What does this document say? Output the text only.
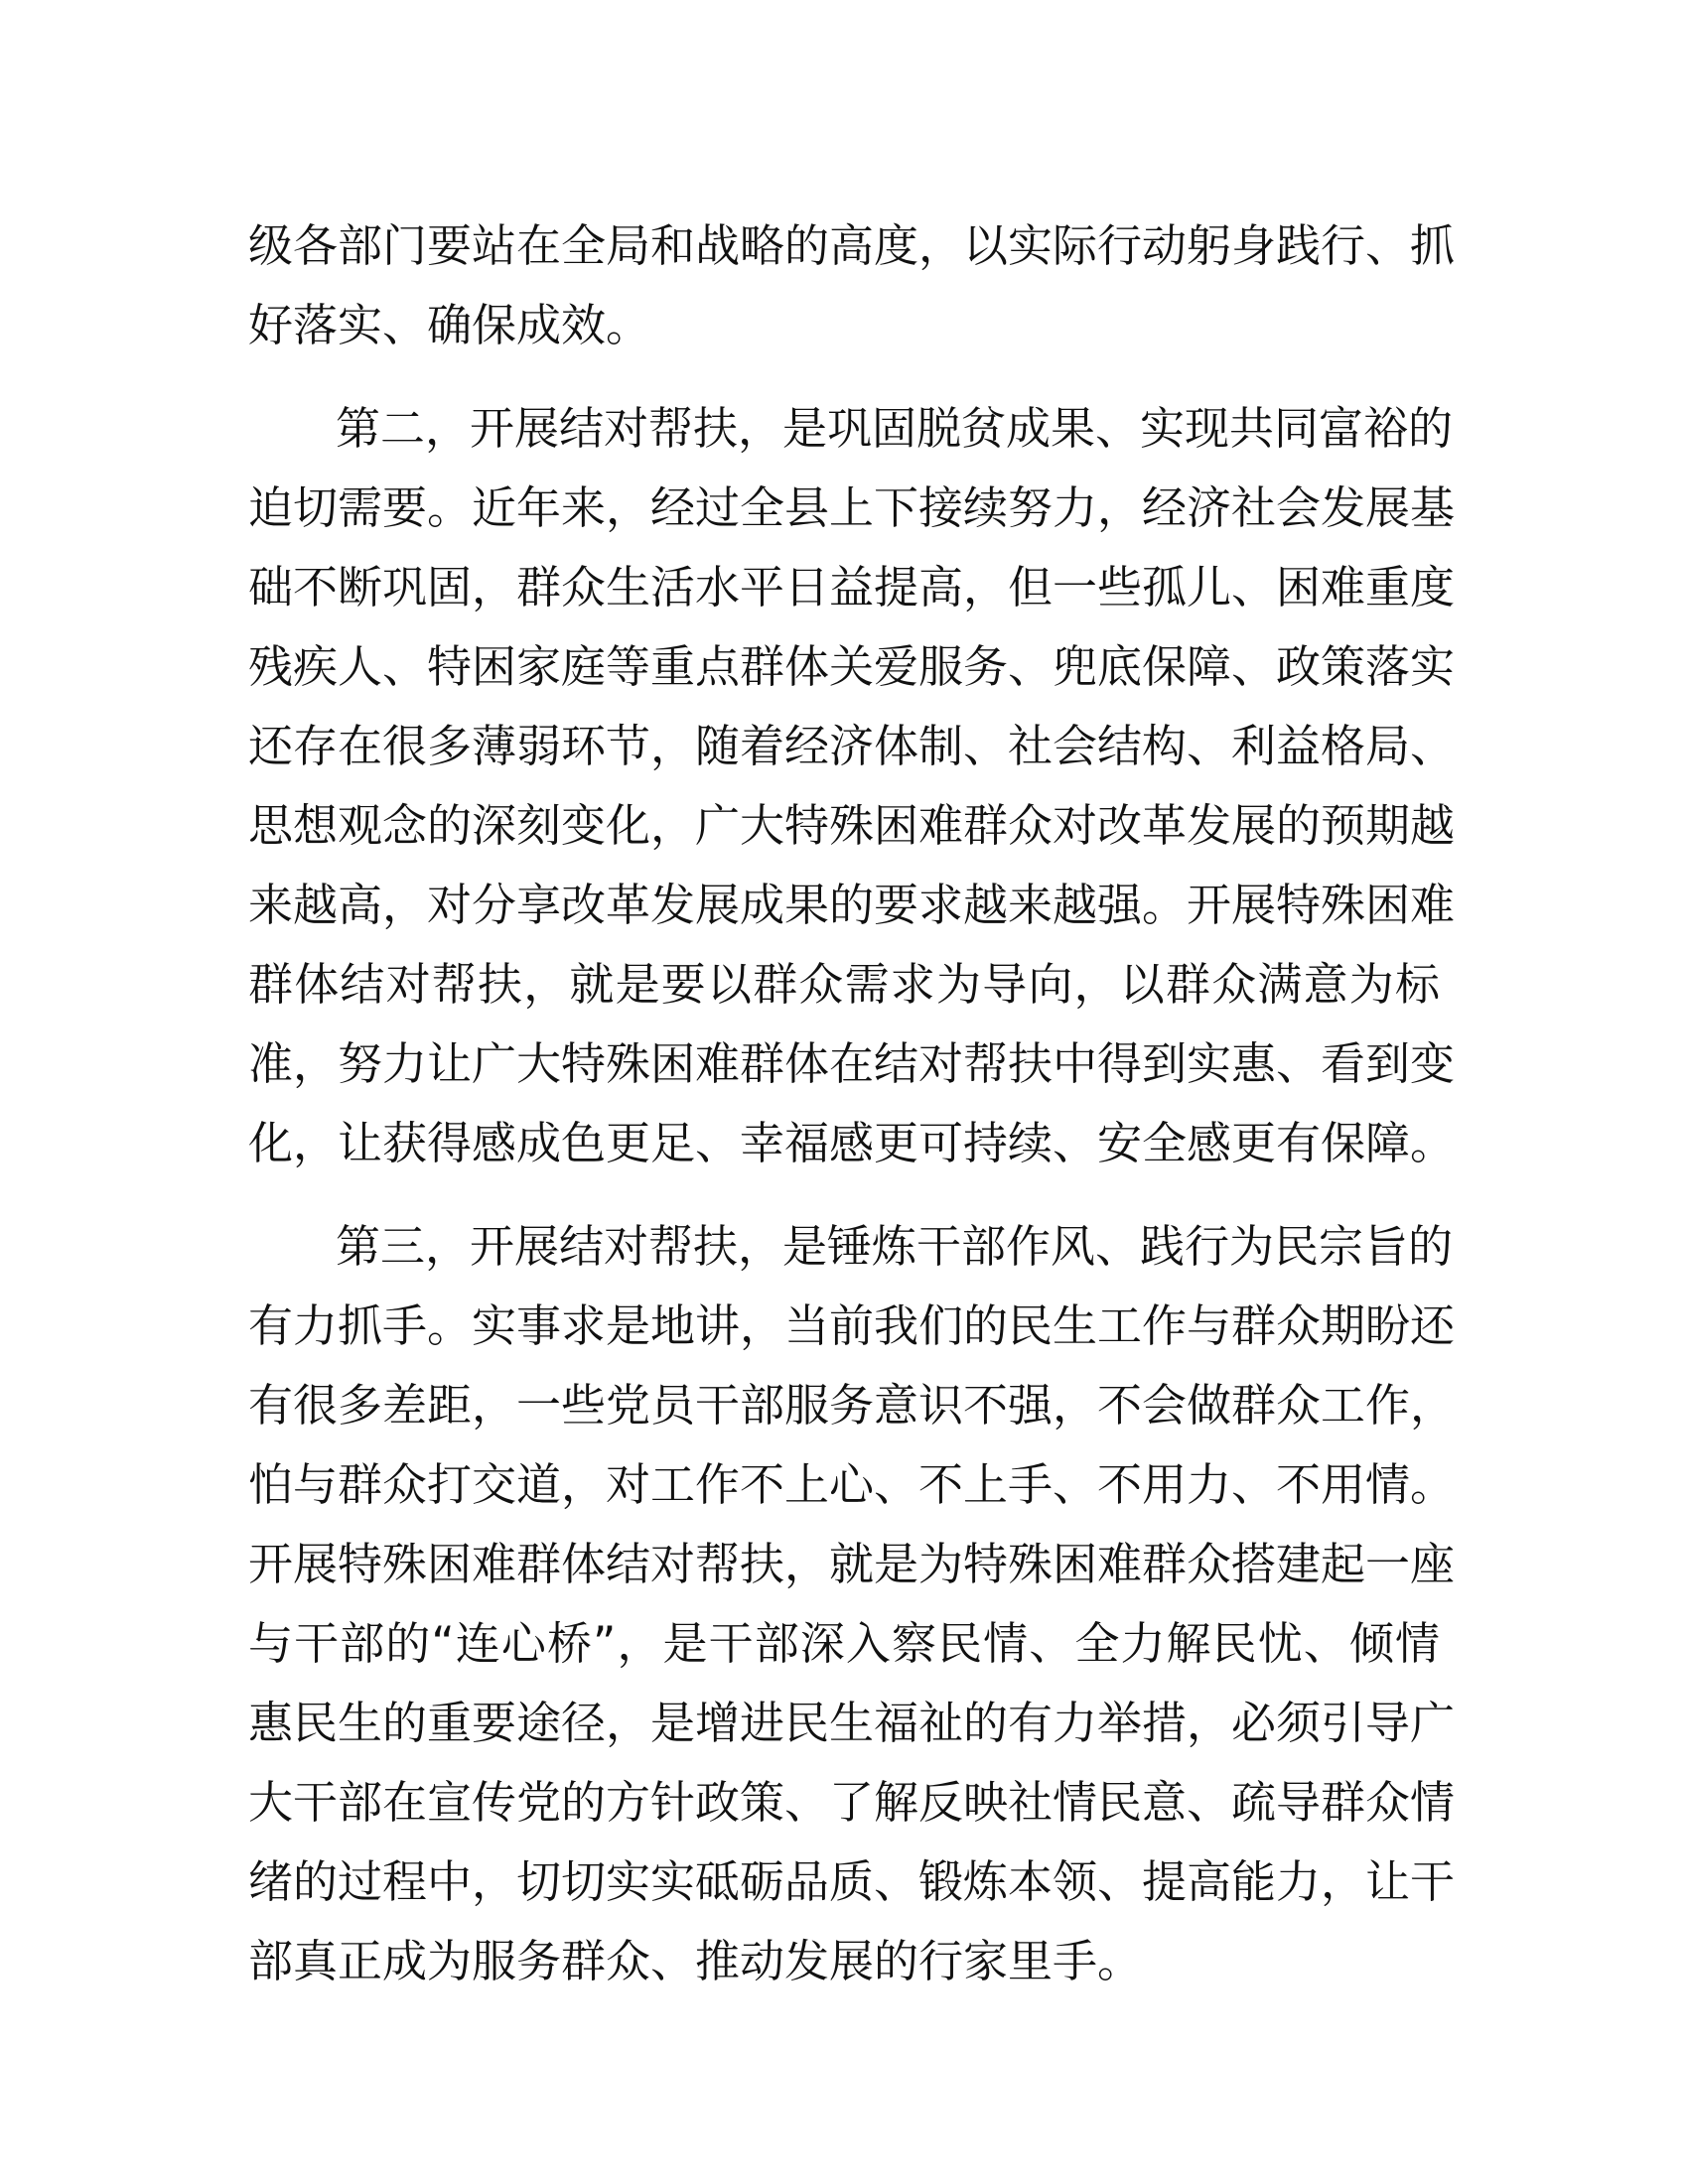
级各部门要站在全局和战略的高度，以实际行动躬身践行、抓
好落实、确保成效。
第二，开展结对帮扶，是巩固脱贫成果、实现共同富裕的
迫切需要。近年来，经过全县上下接续努力，经济社会发展基
础不断巩固，群众生活水平日益提高，但一些孤儿、困难重度
残疾人、特困家庭等重点群体关爱服务、兜底保障、政策落实
还存在很多薄弱环节，随着经济体制、社会结构、利益格局、
思想观念的深刻变化，广大特殊困难群众对改革发展的预期越
来越高，对分享改革发展成果的要求越来越强。开展特殊困难
群体结对帮扶，就是要以群众需求为导向，以群众满意为标
准，努力让广大特殊困难群体在结对帮扶中得到实惠、看到变
化，让获得感成色更足、幸福感更可持续、安全感更有保障。
第三，开展结对帮扶，是锤炼干部作风、践行为民宗旨的
有力抓手。实事求是地讲，当前我们的民生工作与群众期盼还
有很多差距，一些党员干部服务意识不强，不会做群众工作，
怕与群众打交道，对工作不上心、不上手、不用力、不用情。
开展特殊困难群体结对帮扶，就是为特殊困难群众搭建起一座
与干部的“连心桥”，是干部深入察民情、全力解民忧、倾情
惠民生的重要途径，是增进民生福祉的有力举措，必须引导广
大干部在宣传党的方针政策、了解反映社情民意、疏导群众情
绪的过程中，切切实实砥砺品质、锻炼本领、提高能力，让干
部真正成为服务群众、推动发展的行家里手。
